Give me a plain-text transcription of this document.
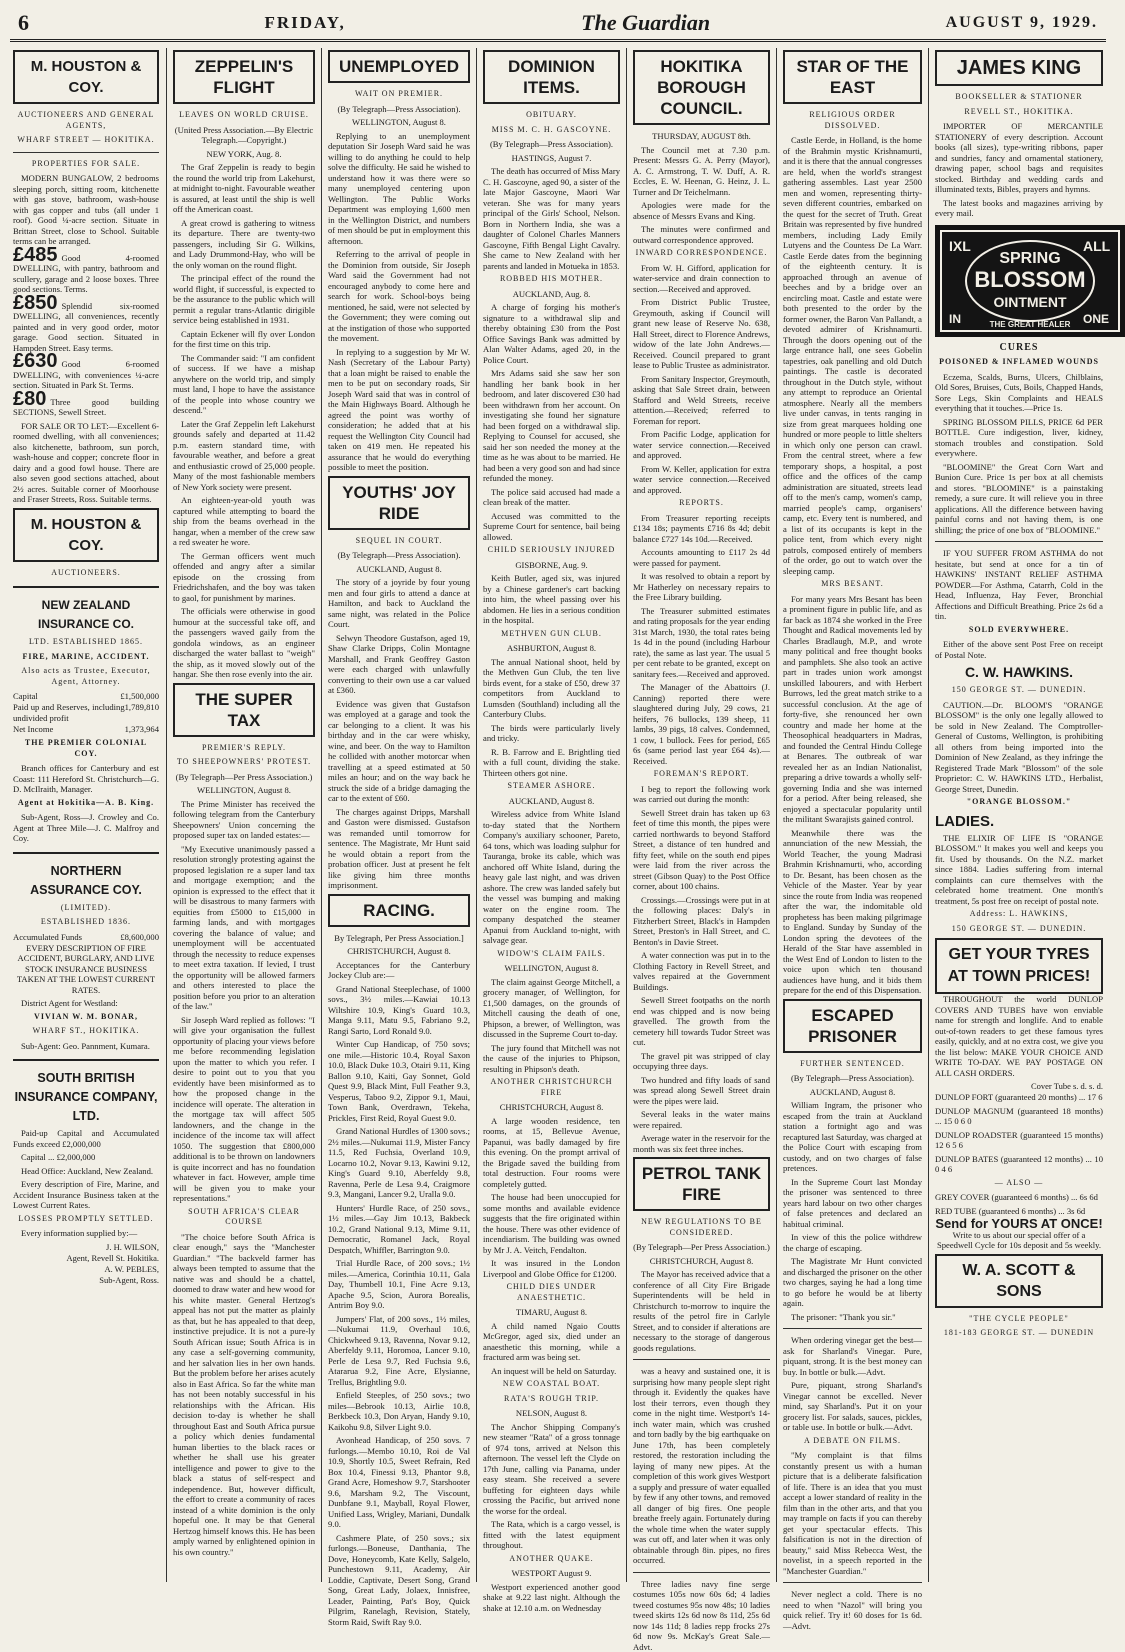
6	FRIDAY,	The Guardian	AUGUST 9, 1929.
M. HOUSTON & COY.
AUCTIONEERS AND GENERAL AGENTS,
WHARF STREET — HOKITIKA.
PROPERTIES FOR SALE.

MODERN BUNGALOW, 2 bedrooms sleeping porch, sitting room, kitchenette with gas stove, bathroom, wash-house with gas copper and tubs (all under 1 roof). Good ¼-acre section. Situate in Brittan Street, close to School. Suitable terms can be arranged.

£485 Good 4-roomed DWELLING, with pantry, bathroom and scullery, garage and 2 loose boxes. Three good sections. Terms.

£850 Splendid six-roomed DWELLING, all conveniences, recently painted and in very good order, motor garage. Good section. Situated in Hampden Street. Easy terms.

£630 Good 6-roomed DWELLING, with conveniences ¼-acre section. Situated in Park St. Terms.

£80 Three good building SECTIONS, Sewell Street.

FOR SALE OR TO LET:—Excellent 6-roomed dwelling, with all conveniences; also kitchenette, bathroom, sun porch, wash-house and copper; concrete floor in dairy and a good fowl house. There are also seven good sections attached, about 2½ acres. Suitable corner of Moorhouse and Fraser Streets, Ross. Suitable terms.

M. HOUSTON & COY.
AUCTIONEERS.
NEW ZEALAND INSURANCE CO.
LTD. ESTABLISHED 1865.
FIRE, MARINE, ACCIDENT.
Also acts as Trustee, Executor, Agent, Attorney.
Capital	£1,500,000
Paid up and Reserves, including undivided profit
1,789,810
Net Income	1,373,964
THE PREMIER COLONIAL COY.

Branch offices for Canterbury and est Coast: 111 Hereford St. Christchurch—G. D. McIlraith, Manager.

Agent at Hokitika—A. B. King.

Sub-Agent, Ross—J. Crowley and Co. Agent at Three Mile—J. C. Malfroy and Coy.

NORTHERN ASSURANCE COY.
(LIMITED).
ESTABLISHED 1836.
Accumulated Funds	£8,600,000

EVERY DESCRIPTION OF FIRE ACCIDENT, BURGLARY, AND LIVE STOCK INSURANCE BUSINESS TAKEN AT THE LOWEST CURRENT RATES.

District Agent for Westland:

VIVIAN W. M. BONAR,
WHARF ST., HOKITIKA.

Sub-Agent: Geo. Pannment, Kumara.

SOUTH BRITISH INSURANCE COMPANY, LTD.

Paid-up Capital and Accumulated Funds exceed £2,000,000

Capital ... £2,000,000

Head Office: Auckland, New Zealand.

Every description of Fire, Marine, and Accident Insurance Business taken at the Lowest Current Rates.

LOSSES PROMPTLY SETTLED.

Every information supplied by:—

J. H. WILSON,
Agent, Revell St. Hokitika.
A. W. PEBLES,
Sub-Agent, Ross.
ZEPPELIN'S FLIGHT
LEAVES ON WORLD CRUISE.

(United Press Association.—By Electric Telegraph.—Copyright.)

NEW YORK, Aug. 8.

The Graf Zeppelin is ready to begin the round the world trip from Lakehurst, at midnight to-night. Favourable weather is assured, at least until the ship is well off the American coast.

A great crowd is gathering to witness its departure. There are twenty-two passengers, including Sir G. Wilkins, and Lady Drummond-Hay, who will be the only woman on the round flight.

The principal effect of the round the world flight, if successful, is expected to be the assurance to the public which will permit a regular trans-Atlantic dirigible service being established in 1931.

Captain Eckener will fly over London for the first time on this trip.

The Commander said: "I am confident of success. If we have a mishap anywhere on the world trip, and simply must land, I hope to have the assistance of the people into whose country we descend."

Later the Graf Zeppelin left Lakehurst grounds safely and departed at 11.42 p.m. eastern standard time, with favourable weather, and before a great and enthusiastic crowd of 25,000 people. Many of the most fashionable members of New York society were present.

An eighteen-year-old youth was captured while attempting to board the ship from the beams overhead in the hangar, when a member of the crew saw a red sweater he wore.

The German officers went much offended and angry after a similar episode on the crossing from Friedrichshafen, and the boy was taken to gaol, for punishment by marines.

The officials were otherwise in good humour at the successful take off, and the passengers waved gaily from the gondola windows, as an engineer discharged the water ballast to "weigh" the ship, as it moved slowly out of the hangar. She then rose evenly into the air.

THE SUPER TAX
PREMIER'S REPLY.
TO SHEEPOWNERS' PROTEST.

(By Telegraph—Per Press Association.)

WELLINGTON, August 8.

The Prime Minister has received the following telegram from the Canterbury Sheepowners' Union concerning the proposed super tax on landed estates:—

"My Executive unanimously passed a resolution strongly protesting against the proposed legislation re a super land tax and mortgage exemption; and the opinion is expressed to the effect that it will be disastrous to many farmers with equities from £5000 to £15,000 in farming lands, and with mortgages covering the balance of value; and unemployment will be accentuated through the necessity to reduce expenses to meet extra taxation. If levied, I trust the opportunity will be allowed farmers and others interested to place the position before you prior to an alteration of the law."

Sir Joseph Ward replied as follows: "I will give your organisation the fullest opportunity of placing your views before me before recommending legislation upon the matter to which you refer. I desire to point out to you that you evidently have been misinformed as to how the proposed change in the incidence will operate. The alteration in the mortgage tax will affect 505 landowners, and the change in the incidence of the income tax will affect 1050. The suggestion that £800,000 additional is to be thrown on landowners is quite incorrect and has no foundation whatever in fact. However, ample time will be given you to make your representations."

SOUTH AFRICA'S CLEAR COURSE

"The choice before South Africa is clear enough," says the "Manchester Guardian." "The backveld farmer has always been tempted to assume that the native was and should be a chattel, doomed to draw water and hew wood for his white master. General Hertzog's appeal has not put the matter as plainly as that, but he has appealed to that deep, instinctive prejudice. It is not a pure-ly South African issue; South Africa is in any case a self-governing community, and her salvation lies in her own hands. But the problem before her arises acutely also in East Africa. So far the white man has not been notably successful in his relationships with the African. His decision to-day is whether he shall throughout East and South Africa pursue a policy which denies fundamental human liberties to the black races or whether he shall use his greater intelligence and power to give to the black a status of self-respect and independence. But, however difficult, the effort to create a community of races instead of a white dominion is the only hopeful one. It may be that General Hertzog himself knows this. He has been amply warned by enlightened opinion in his own country."

UNEMPLOYED
WAIT ON PREMIER.

(By Telegraph—Press Association).

WELLINGTON, August 8.

Replying to an unemployment deputation Sir Joseph Ward said he was willing to do anything he could to help solve the difficulty. He said he wished to understand how it was there were so many unemployed centering upon Wellington. The Public Works Department was employing 1,600 men in the Wellington District, and numbers of men should be put in employment this afternoon.

Referring to the arrival of people in the Dominion from outside, Sir Joseph Ward said the Government had not encouraged anybody to come here and search for work. School-boys being mentioned, he said, were not selected by the Government; they were coming out at the instigation of those who supported the movement.

In replying to a suggestion by Mr W. Nash (Secretary of the Labour Party) that a loan might be raised to enable the men to be put on secondary roads, Sir Joseph Ward said that was in control of the Main Highways Board. Although he agreed the point was worthy of consideration; he added that at his request the Wellington City Council had taken on 419 men. He repeated his assurance that he would do everything possible to meet the position.

YOUTHS' JOY RIDE
SEQUEL IN COURT.

(By Telegraph—Press Association).

AUCKLAND, August 8.

The story of a joyride by four young men and four girls to attend a dance at Hamilton, and back to Auckland the same night, was related in the Police Court.

Selwyn Theodore Gustafson, aged 19, Shaw Clarke Dripps, Colin Montagne Marshall, and Frank Geoffrey Gaston were each charged with unlawfully converting to their own use a car valued at £360.

Evidence was given that Gustafson was employed at a garage and took the car belonging to a client. It was his birthday and in the car were whisky, wine, and beer. On the way to Hamilton he collided with another motorcar when travelling at a speed estimated at 50 miles an hour; and on the way back he struck the side of a bridge damaging the car to the extent of £60.

The charges against Dripps, Marshall and Gaston were dismissed. Gustafson was remanded until tomorrow for sentence. The Magistrate, Mr Hunt said he would obtain a report from the probation officer. Just at present he felt like giving him three months imprisonment.

RACING.

By Telegraph, Per Press Association.]

CHRISTCHURCH, August 8.

Acceptances for the Canterbury Jockey Club are:—

Grand National Steeplechase, of 1000 sovs., 3½ miles.—Kawiai 10.13 Wiltshire 10.9, King's Guard 10.3, Manga 9.11, Matu 9.5, Fabriano 9.2, Rangi Sarto, Lord Ronald 9.0.

Winter Cup Handicap, of 750 sovs; one mile.—Historic 10.4, Royal Saxon 10.0, Black Duke 10.3, Otairi 9.11, King Ballon 9.10, Kaiti, Gay Sonnet, Gold Quest 9.9, Black Mint, Full Feather 9.3, Vesperus, Taboo 9.2, Zippor 9.1, Maui, Town Bank, Overdrawn, Tekeha, Prickles, First Reid, Royal Guest 9.0.

Grand National Hurdles of 1300 sovs.; 2½ miles.—Nukumai 11.9, Mister Fancy 11.5, Red Fuchsia, Overland 10.9, Locarno 10.2, Novar 9.13, Kawini 9.12, King's Guard 9.10, Aberfeldy 9.8, Ravenna, Perle de Lesa 9.4, Craigmore 9.3, Mangani, Lancer 9.2, Uralla 9.0.

Hunters' Hurdle Race, of 250 sovs., 1½ miles.—Gay Jim 10.13, Bakbeck 10.2, Grand National 9.13, Mime 9.11, Democratic, Romanel Jack, Royal Despatch, Whiffler, Barrington 9.0.

Trial Hurdle Race, of 200 sovs.; 1½ miles.—America, Corinthia 10.11, Gala Day, Thumbell 10.1, Fine Acre 9.13, Apache 9.5, Scion, Aurora Borealis, Antrim Boy 9.0.

Jumpers' Flat, of 200 sovs., 1½ miles, —Nukumai 11.9, Overhaul 10.6, Chickwheed 9.13, Ravenna, Novar 9.12, Aberfeldy 9.11, Horomoa, Lancer 9.10, Perle de Lesa 9.7, Red Fuchsia 9.6, Atararua 9.2, Fine Acre, Elysianne, Trellus, Brightling 9.0.

Enfield Steeples, of 250 sovs.; two miles—Bebrook 10.13, Airlie 10.8, Berkbeck 10.3, Don Aryan, Handy 9.10, Kaikohu 9.8, Silver Light 9.0.

Avonhead Handicap, of 250 sovs. 7 furlongs.—Membo 10.10, Roi de Val 10.9, Shortly 10.5, Sweet Refrain, Red Box 10.4, Finessi 9.13, Phantor 9.8, Grand Acre, Homeshow 9.7, Starshooter 9.6, Marsham 9.2, The Viscount, Dunbfane 9.1, Mayball, Royal Flower, Unified Lass, Wrigley, Mariani, Dundalk 9.0.

Cashmere Plate, of 250 sovs.; six furlongs.—Boneuse, Danthania, The Dove, Honeycomb, Kate Kelly, Salgelo, Punchestown 9.11, Academy, Air Loddie, Captivate, Desert Song, Grand Song, Great Lady, Jolaex, Innisfree, Leader, Painting, Pat's Boy, Quick Pilgrim, Ranelagh, Revision, Stately, Storm Raid, Swift Ray 9.0.

DOMINION ITEMS.
OBITUARY.
MISS M. C. H. GASCOYNE.

(By Telegraph—Press Association).

HASTINGS, August 7.

The death has occurred of Miss Mary C. H. Gascoyne, aged 90, a sister of the late Major Gascoyne, Maori War veteran. She was for many years principal of the Girls' School, Nelson. Born in Northern India, she was a daughter of Colonel Charles Manners Gascoyne, Fifth Bengal Light Cavalry. She came to New Zealand with her parents and landed in Motueka in 1853.

ROBBED HIS MOTHER.

AUCKLAND, Aug. 8.

A charge of forging his mother's signature to a withdrawal slip and thereby obtaining £30 from the Post Office Savings Bank was admitted by Alan Walter Adams, aged 20, in the Police Court.

Mrs Adams said she saw her son handling her bank book in her bedroom, and later discovered £30 had been withdrawn from her account. On investigating she found her signature had been forged on a withdrawal slip. Replying to Counsel for accused, she said her son needed the money at the time as he was about to be married. He had been a very good son and had since refunded the money.

The police said accused had made a clean break of the matter.

Accused was committed to the Supreme Court for sentence, bail being allowed.

CHILD SERIOUSLY INJURED

GISBORNE, Aug. 9.

Keith Butler, aged six, was injured by a Chinese gardener's cart backing into him, the wheel passing over his abdomen. He lies in a serious condition in the hospital.

METHVEN GUN CLUB.

ASHBURTON, August 8.

The annual National shoot, held by the Methven Gun Club, the ten live birds event, for a stake of £50, drew 37 competitors from Auckland to Lumsden (Southland) including all the Canterbury Clubs.

The birds were particularly lively and tricky.

R. B. Farrow and E. Brightling tied with a full count, dividing the stake. Thirteen others got nine.

STEAMER ASHORE.

AUCKLAND, August 8.

Wireless advice from White Island to-day stated that the Northern Company's auxiliary schooner, Pareto, 64 tons, which was loading sulphur for Tauranga, broke its cable, which was anchored off White Island, during the heavy gale last night, and was driven ashore. The crew was landed safely but the vessel was bumping and making water on the engine room. The company despatched the steamer Apanui from Auckland to-night, with salvage gear.

WIDOW'S CLAIM FAILS.

WELLINGTON, August 8.

The claim against George Mitchell, a grocery manager, of Wellington, for £1,500 damages, on the grounds of Mitchell causing the death of one, Phipson, a brewer, of Wellington, was discussed in the Supreme Court to-day.

The jury found that Mitchell was not the cause of the injuries to Phipson, resulting in Phipson's death.

ANOTHER CHRISTCHURCH FIRE

CHRISTCHURCH, August 8.

A large wooden residence, ten rooms, at 15, Bellevue Avenue, Papanui, was badly damaged by fire this evening. On the prompt arrival of the Brigade saved the building from total destruction. Four rooms were completely gutted.

The house had been unoccupied for some months and available evidence suggests that the fire originated within the house. There was other evidence of incendiarism. The building was owned by Mr J. A. Veitch, Fendalton.

It was insured in the London Liverpool and Globe Office for £1200.

CHILD DIES UNDER ANAESTHETIC.

TIMARU, August 8.

A child named Ngaio Coutts McGregor, aged six, died under an anaesthetic this morning, while a fractured arm was being set.

An inquest will be held on Saturday.

NEW COASTAL BOAT.
RATA'S ROUGH TRIP.

NELSON, August 8.

The Anchor Shipping Company's new steamer "Rata" of a gross tonnage of 974 tons, arrived at Nelson this afternoon. The vessel left the Clyde on 17th June, calling via Panama, under easy steam. She received a severe buffeting for eighteen days while crossing the Pacific, but arrived none the worse for the ordeal.

The Rata, which is a cargo vessel, is fitted with the latest equipment throughout.

ANOTHER QUAKE.

WESTPORT August 9.

Westport experienced another good shake at 9.22 last night. Although the shake at 12.10 a.m. on Wednesday

HOKITIKA BOROUGH COUNCIL.

THURSDAY, AUGUST 8th.

The Council met at 7.30 p.m. Present: Messrs G. A. Perry (Mayor), A. C. Armstrong, T. W. Duff, A. R. Eccles, E. W. Heenan, G. Heinz, J. L. Turner and Dr Teichelmann.

Apologies were made for the absence of Messrs Evans and King.

The minutes were confirmed and outward correspondence approved.

INWARD CORRESPONDENCE.

From W. H. Gifford, application for water-service and drain connection to section.—Received and approved.

From District Public Trustee, Greymouth, asking if Council will grant new lease of Reserve No. 638, Hall Street, direct to Florence Andrews, widow of the late John Andrews.—Received. Council prepared to grant lease to Public Trustee as administrator.

From Sanitary Inspector, Greymouth, asking that Sale Street drain, between Stafford and Weld Streets, receive attention.—Received; referred to Foreman for report.

From Pacific Lodge, application for water service connection.—Received and approved.

From W. Keller, application for extra water service connection.—Received and approved.

REPORTS.

From Treasurer reporting receipts £134 18s; payments £716 8s 4d; debit balance £727 14s 10d.—Received.

Accounts amounting to £117 2s 4d were passed for payment.

It was resolved to obtain a report by Mr Hatherley on necessary repairs to the Free Library building.

The Treasurer submitted estimates and rating proposals for the year ending 31st March, 1930, the total rates being 1s 4d in the pound (including Harbour rate), the same as last year. The usual 5 per cent rebate to be granted, except on sanitary fees.—Received and approved.

The Manager of the Abattoirs (J. Canning) reported there were slaughtered during July, 29 cows, 21 heifers, 76 bullocks, 139 sheep, 11 lambs, 39 pigs, 18 calves. Condemned, 1 cow, 1 bullock. Fees for period, £65 6s (same period last year £64 4s).—Received.

FOREMAN'S REPORT.

I beg to report the following work was carried out during the month:

Sewell Street drain has taken up 63 feet of time this month, the pipes were carried northwards to beyond Stafford Street, a distance of ten hundred and fifty feet, while on the south end pipes were laid from the river across the street (Gibson Quay) to the Post Office corner, about 100 chains.

Crossings.—Crossings were put in at the following places: Daly's in Fitzherbert Street, Black's in Hampden Street, Preston's in Hall Street, and C. Benton's in Davie Street.

A water connection was put in to the Clothing Factory in Revell Street, and valves repaired at the Government Buildings.

Sewell Street footpaths on the north end was chipped and is now being gravelled. The growth from the cemetery hill towards Tudor Street was cut.

The gravel pit was stripped of clay occupying three days.

Two hundred and fifty loads of sand was spread along Sewell Street drain were the pipes were laid.

Several leaks in the water mains were repaired.

Average water in the reservoir for the month was six feet three inches.

PETROL TANK FIRE
NEW REGULATIONS TO BE CONSIDERED.

(By Telegraph—Per Press Association.)

CHRISTCHURCH, August 8.

The Mayor has received advice that a conference of all City Fire Brigade Superintendents will be held in Christchurch to-morrow to inquire the results of the petrol fire in Carlyle Street, and to consider if alterations are necessary to the storage of dangerous goods regulations.

was a heavy and sustained one, it is surprising how many people slept right through it. Evidently the quakes have lost their terrors, even though they come in the night time. Westport's 14-inch water main, which was crushed and torn badly by the big earthquake on June 17th, has been completely restored, the restoration including the laying of many new pipes. At the completion of this work gives Westport a supply and pressure of water equalled by few if any other towns, and removed all danger of big fires. One people breathe freely again. Fortunately during the whole time when the water supply was cut off, and later when it was only obtainable through 8in. pipes, no fires occurred.

Three ladies navy fine serge costumes 105s now 60s 6d; 4 ladies tweed costumes 95s now 48s; 10 ladies tweed skirts 12s 6d now 8s 11d, 25s 6d now 14s 11d; 8 ladies repp frocks 27s 6d now 9s. McKay's Great Sale.—Advt.

STAR OF THE EAST
RELIGIOUS ORDER DISSOLVED.

Castle Eerde, in Holland, is the home of the Brahmin mystic Krishnamurti, and it is there that the annual congresses are held, when the world's strangest gathering assembles. Last year 2500 men and women, representing thirty-seven different countries, embarked on the quest for the secret of Truth. Great Britain was represented by five hundred members, including Lady Emily Lutyens and the Countess De La Warr. Castle Eerde dates from the beginning of the eighteenth century. It is approached through an avenue of beeches and by a bridge over an encircling moat. Castle and estate were both presented to the order by the former owner, the Baron Van Pallandt, a devoted admirer of Krishnamurti. Through the doors opening out of the large entrance hall, one sees Gobelin tapestries, oak panelling and old Dutch paintings. The castle is decorated throughout in the Dutch style, without any attempt to reproduce an Oriental atmosphere. Nearly all the members live under canvas, in tents ranging in size from great marquees holding one hundred or more people to little shelters in which only one person can crawl. From the central street, where a few temporary shops, a hospital, a post office and the offices of the camp administration are situated, streets lead off to the men's camp, women's camp, married people's camp, organisers' camp, etc. Every tent is numbered, and a list of its occupants is kept in the police tent, from which every night patrols, composed entirely of members of the order, go out to watch over the sleeping camp.

MRS BESANT.

For many years Mrs Besant has been a prominent figure in public life, and as far back as 1874 she worked in the Free Thought and Radical movements led by Charles Bradlaugh, M.P., and wrote many political and free thought books and pamphlets. She also took an active part in trades union work amongst unskilled labourers, and with Herbert Burrows, led the great match strike to a successful conclusion. At the age of forty-five, she renounced her own country and made her home at the Theosophical headquarters in Madras, and founded the Central Hindu College at Benares. The outbreak of war revealed her as an Indian Nationalist, preparing a drive towards a wholly self-governing India and she was interned for a period. After being released, she enjoyed a spectacular popularity until the militant Swarajists gained control.

Meanwhile there was the annunciation of the new Messiah, the World Teacher, the young Madrasi Brahmin Krishnamurti, who, according to Dr. Besant, has been chosen as the Vehicle of the Master. Year by year since the route from India was reopened after the war, the indomitable old prophetess has been making pilgrimage to England. Sunday by Sunday of the London spring the devotees of the Herald of the Star have assembled in the West End of London to listen to the voice upon which ten thousand audiences have hung, and it bids them prepare for the end of this Dispensation.

ESCAPED PRISONER
FURTHER SENTENCED.

(By Telegraph—Press Association).

AUCKLAND, August 8.

William Ingram, the prisoner who escaped from the train at Auckland station a fortnight ago and was recaptured last Saturday, was charged at the Police Court with escaping from custody, and on two charges of false pretences.

In the Supreme Court last Monday the prisoner was sentenced to three years hard labour on two other charges of false pretences and declared an habitual criminal.

In view of this the police withdrew the charge of escaping.

The Magistrate Mr Hunt convicted and discharged the prisoner on the other two charges, saying he had a long time to go before he would be at liberty again.

The prisoner: "Thank you sir."

When ordering vinegar get the best—ask for Sharland's Vinegar. Pure, piquant, strong. It is the best money can buy. In bottle or bulk.—Advt.

Pure, piquant, strong Sharland's Vinegar cannot be excelled. Never mind, say Sharland's. Put it on your grocery list. For salads, sauces, pickles, or table use. In bottle or bulk.—Advt.

A DEBATE ON FILMS.

"My complaint is that films constantly present us with a human picture that is a deliberate falsification of life. There is an idea that you must accept a lower standard of reality in the film than in the other arts, and that you may trample on facts if you can thereby get your spectacular effects. This falsification is not in the direction of beauty," said Miss Rebecca West, the novelist, in a speech reported in the "Manchester Guardian."

Never neglect a cold. There is no need to when "Nazol" will bring you quick relief. Try it! 60 doses for 1s 6d.—Advt.

JAMES KING
BOOKSELLER & STATIONER
REVELL ST., HOKITIKA.

IMPORTER OF MERCANTILE STATIONERY of every description. Account books (all sizes), type-writing ribbons, paper and sundries, fancy and ornamental stationery, drawing paper, school bags and requisites stocked. Birthday and wedding cards and illuminated texts, Bibles, prayers and hymns.

The latest books and magazines arriving by every mail.

IXL	ALL
IN	ONE
SPRING
BLOSSOM
OINTMENT
THE GREAT HEALER
CURES
POISONED & INFLAMED WOUNDS

Eczema, Scalds, Burns, Ulcers, Chilblains, Old Sores, Bruises, Cuts, Boils, Chapped Hands, Sore Legs, Skin Complaints and HEALS everything that it touches.—Price 1s.

SPRING BLOSSOM PILLS, PRICE 6d PER BOTTLE. Cure indigestion, liver, kidney, stomach troubles and constipation. Sold everywhere.

"BLOOMINE" the Great Corn Wart and Bunion Cure. Price 1s per box at all chemists and stores. "BLOOMINE" is a painstaking remedy, a sure cure. It will relieve you in three applications. All the difference between having painful corns and not having them, is one shilling; the price of one box of "BLOOMINE."

IF YOU SUFFER FROM ASTHMA do not hesitate, but send at once for a tin of HAWKINS' INSTANT RELIEF ASTHMA POWDER—For Asthma, Catarrh, Cold in the Head, Influenza, Hay Fever, Bronchial Affections and Difficult Breathing. Price 2s 6d a tin.

SOLD EVERYWHERE.

Either of the above sent Post Free on receipt of Postal Note.

C. W. HAWKINS.
150 GEORGE ST. — DUNEDIN.

CAUTION.—Dr. BLOOM'S "ORANGE BLOSSOM" is the only one legally allowed to be sold in New Zealand. The Comptroller-General of Customs, Wellington, is prohibiting all others from being imported into the Dominion of New Zealand, as they infringe the Registered Trade Mark "Blossom" of the sole Proprietor: C. W. HAWKINS LTD., Herbalist, George Street, Dunedin.

"ORANGE BLOSSOM."
LADIES.

THE ELIXIR OF LIFE IS "ORANGE BLOSSOM." It makes you well and keeps you fit. Used by thousands. On the N.Z. market since 1884. Ladies suffering from internal complaints can cure themselves with the celebrated home treatment. One month's treatment, 5s post free on receipt of postal note.

Address: L. HAWKINS,
150 GEORGE ST. — DUNEDIN.
GET YOUR TYRES AT TOWN PRICES!

THROUGHOUT the world DUNLOP COVERS AND TUBES have won enviable name for strength and longlife. And to enable out-of-town readers to get these famous tyres easily, quickly, and at no extra cost, we give you the list below: MAKE YOUR CHOICE AND WRITE TO-DAY. WE PAY POSTAGE ON ALL CASH ORDERS.

Cover Tube s. d. s. d.

DUNLOP FORT (guaranteed 20 months) ... 17 6

DUNLOP MAGNUM (guaranteed 18 months) ... 15 0 6 0

DUNLOP ROADSTER (guaranteed 15 months) 12 6 5 6

DUNLOP BATES (guaranteed 12 months) ... 10 0 4 6

— ALSO —

GREY COVER (guaranteed 6 months) ... 6s 6d

RED TUBE (guaranteed 6 months) ... 3s 6d

Send for YOURS AT ONCE!

Write to us about our special offer of a Speedwell Cycle for 10s deposit and 5s weekly.

W. A. SCOTT & SONS
"THE CYCLE PEOPLE"
181-183 GEORGE ST. — DUNEDIN
